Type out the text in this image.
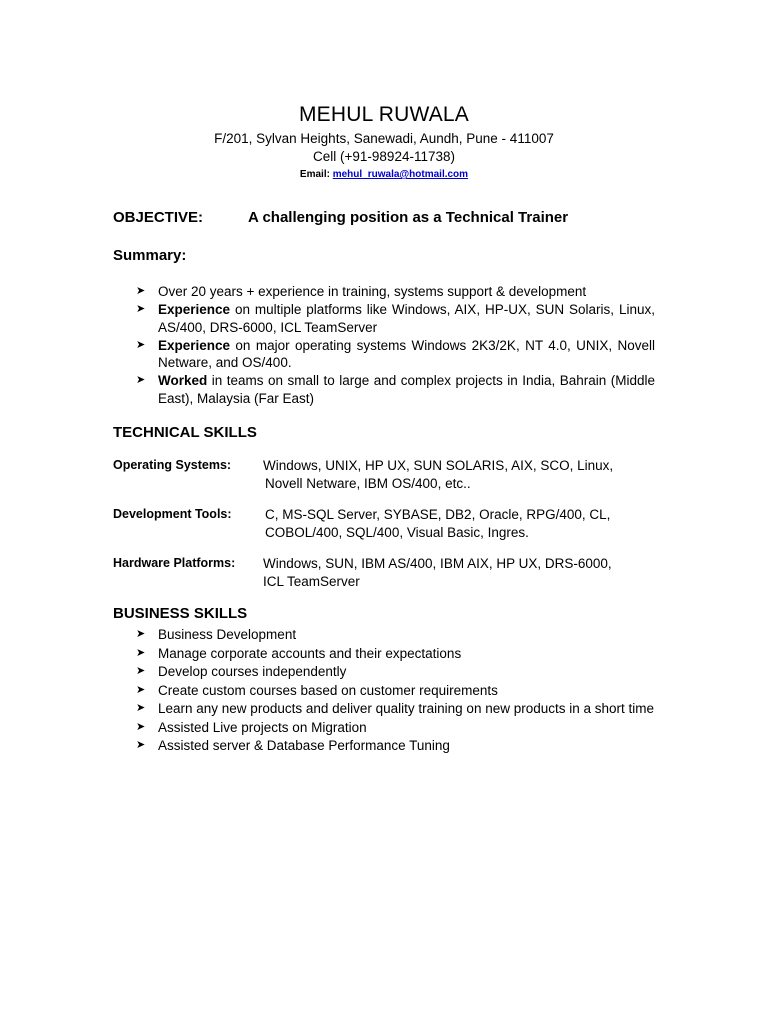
MEHUL RUWALA
F/201, Sylvan Heights, Sanewadi, Aundh, Pune - 411007
Cell (+91-98924-11738)
Email: mehul_ruwala@hotmail.com
OBJECTIVE:	A challenging position as a Technical Trainer
Summary:
➤ Over 20 years + experience in training, systems support & development
➤ Experience on multiple platforms like Windows, AIX, HP-UX, SUN Solaris, Linux, AS/400, DRS-6000, ICL TeamServer
➤ Experience on major operating systems Windows 2K3/2K, NT 4.0, UNIX, Novell Netware, and OS/400.
➤ Worked in teams on small to large and complex projects in India, Bahrain (Middle East), Malaysia (Far East)
TECHNICAL SKILLS
Operating Systems: Windows, UNIX, HP UX, SUN SOLARIS, AIX, SCO, Linux,
Novell Netware, IBM OS/400, etc..
Development Tools: C, MS-SQL Server, SYBASE, DB2, Oracle, RPG/400, CL,
COBOL/400, SQL/400, Visual Basic, Ingres.
Hardware Platforms: Windows, SUN, IBM AS/400, IBM AIX, HP UX, DRS-6000,
ICL TeamServer
BUSINESS SKILLS
➤ Business Development
➤ Manage corporate accounts and their expectations
➤ Develop courses independently
➤ Create custom courses based on customer requirements
➤ Learn any new products and deliver quality training on new products in a short time
➤ Assisted Live projects on Migration
➤ Assisted server & Database Performance Tuning
